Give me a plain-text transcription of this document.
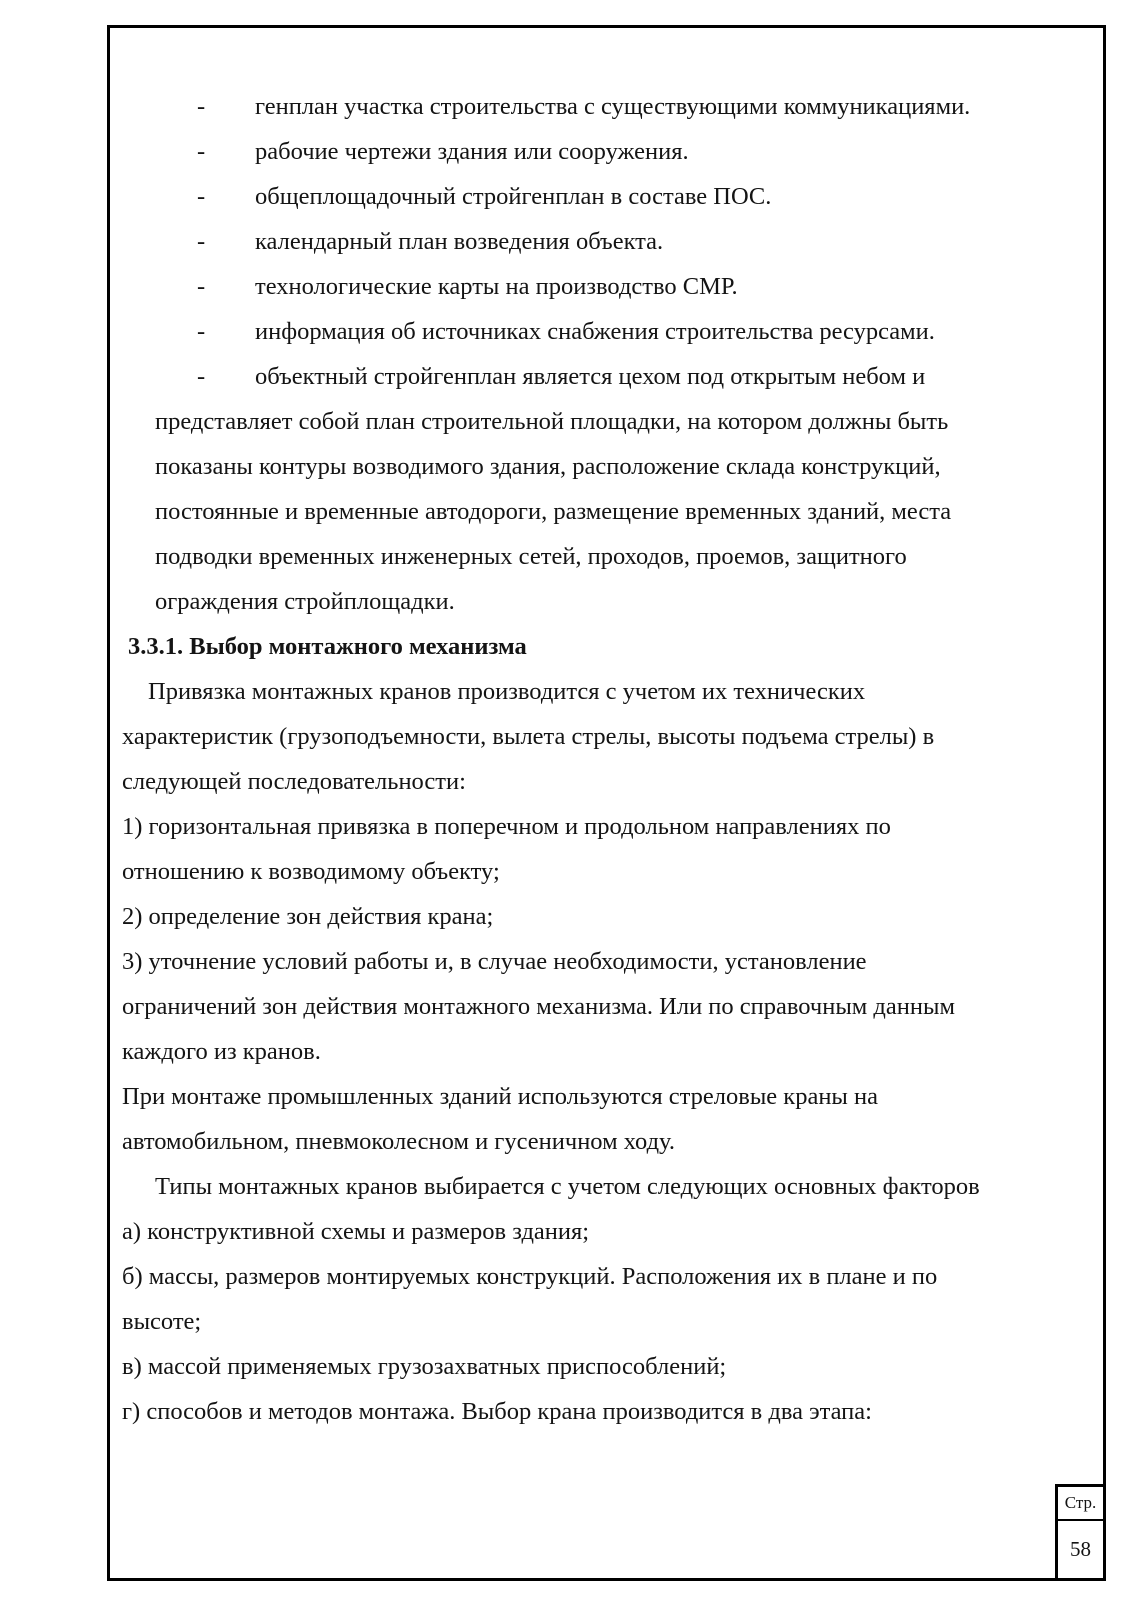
- генплан участка строительства с существующими коммуникациями.

- рабочие чертежи здания или сооружения.

- общеплощадочный стройгенплан в составе ПОС.

- календарный план возведения объекта.

- технологические карты на производство СМР.

- информация об источниках снабжения строительства ресурсами.

- объектный стройгенплан является цехом под открытым небом и

представляет собой план строительной площадки, на котором должны быть

показаны контуры возводимого здания, расположение склада конструкций,

постоянные и временные автодороги, размещение временных зданий, места

подводки временных инженерных сетей, проходов, проемов, защитного

ограждения стройплощадки.

3.3.1. Выбор монтажного механизма

Привязка монтажных кранов производится с учетом их технических

характеристик (грузоподъемности, вылета стрелы, высоты подъема стрелы) в

следующей последовательности:

1) горизонтальная привязка в поперечном и продольном направлениях по

отношению к возводимому объекту;

2) определение зон действия крана;

3) уточнение условий работы и, в случае необходимости, установление

ограничений зон действия монтажного механизма. Или по справочным данным

каждого из кранов.

При монтаже промышленных зданий используются стреловые краны на

автомобильном, пневмоколесном и гусеничном ходу.

Типы монтажных кранов выбирается с учетом следующих основных факторов

а) конструктивной схемы и размеров здания;

б) массы, размеров монтируемых конструкций. Расположения их в плане и по

высоте;

в) массой применяемых грузозахватных приспособлений;

г) способов и методов монтажа. Выбор крана производится в два этапа:

Стр.
58
